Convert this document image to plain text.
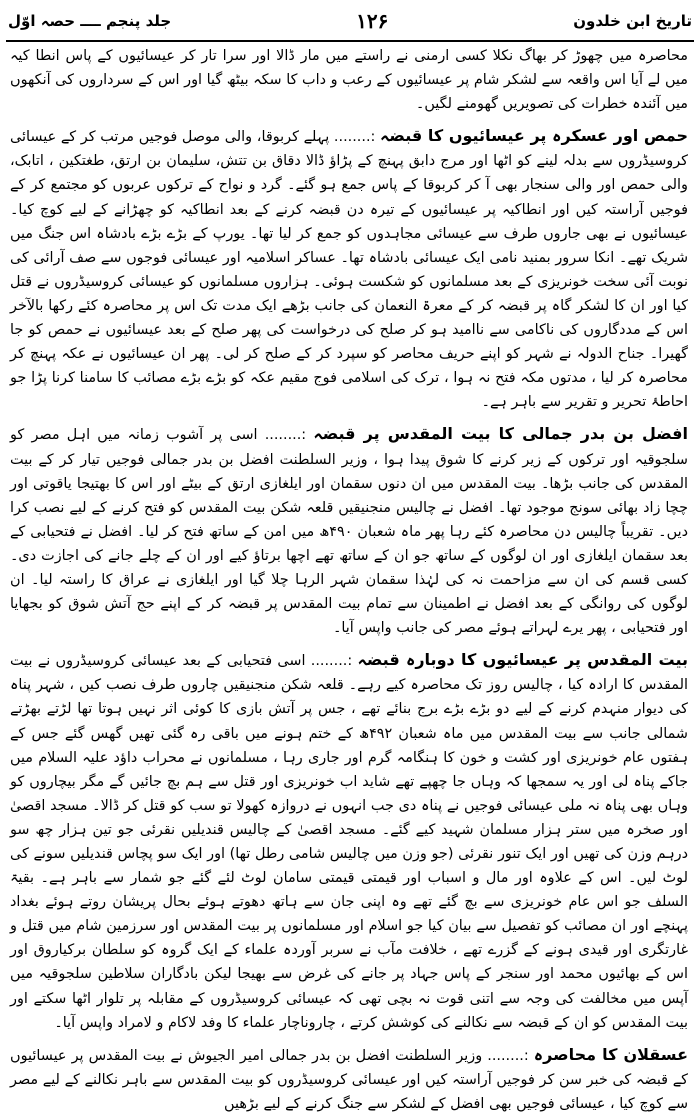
تاریخ ابن خلدون
۱۲۶
جلد پنجم ــــ حصہ اوّل

محاصرہ میں چھوڑ کر بھاگ نکلا کسی ارمنی نے راستے میں مار ڈالا اور سرا تار کر عیسائیوں کے پاس انطا کیہ میں لے آیا اس واقعہ سے لشکر شام پر عیسائیوں کے رعب و داب کا سکہ بیٹھ گیا اور اس کے سرداروں کی آنکھوں میں آئندہ خطرات کی تصویریں گھومنے لگیں۔

حمص اور عسکرہ پر عیسائیوں کا قبضہ :........ پہلے کربوقا، والی موصل فوجیں مرتب کر کے عیسائی کروسیڈروں سے بدلہ لینے کو اٹھا اور مرج دابق پہنچ کے پڑاؤ ڈالا دقاق بن تتش، سلیمان بن ارتق، طغتکین ، اتابک، والی حمص اور والی سنجار بھی آ کر کربوقا کے پاس جمع ہو گئے۔ گرد و نواح کے ترکوں عربوں کو مجتمع کر کے فوجیں آراستہ کیں اور انطاکیہ پر عیسائیوں کے تیرہ دن قبضہ کرنے کے بعد انطاکیہ کو چھڑانے کے لیے کوچ کیا۔ عیسائیوں نے بھی جاروں طرف سے عیسائی مجاہدوں کو جمع کر لیا تھا۔ یورپ کے بڑے بڑے بادشاہ اس جنگ میں شریک تھے۔ انکا سرور بمنید نامی ایک عیسائی بادشاہ تھا۔ عساکر اسلامیہ اور عیسائی فوجوں سے صف آرائی کی نوبت آئی سخت خونریزی کے بعد مسلمانوں کو شکست ہوئی۔ ہزاروں مسلمانوں کو عیسائی کروسیڈروں نے قتل کیا اور ان کا لشکر گاہ پر قبضہ کر کے معرۃ النعمان کی جانب بڑھے ایک مدت تک اس پر محاصرہ کئے رکھا بالآخر اس کے مددگاروں کی ناکامی سے ناامید ہو کر صلح کی درخواست کی پھر صلح کے بعد عیسائیوں نے حمص کو جا گھیرا۔ جناح الدولہ نے شہر کو اپنے حریف محاصر کو سپرد کر کے صلح کر لی۔ پھر ان عیسائیوں نے عکہ پہنچ کر محاصرہ کر لیا ، مدتوں مکہ فتح نہ ہوا ، ترک کی اسلامی فوج مقیم عکہ کو بڑے بڑے مصائب کا سامنا کرنا پڑا جو احاطۂ تحریر و تقریر سے باہر ہے۔

افضل بن بدر جمالی کا بیت المقدس پر قبضہ :........ اسی پر آشوب زمانہ میں اہل مصر کو سلجوقیہ اور ترکوں کے زیر کرنے کا شوق پیدا ہوا ، وزیر السلطنت افضل بن بدر جمالی فوجیں تیار کر کے بیت المقدس کی جانب بڑھا۔ بیت المقدس میں ان دنوں سقمان اور ایلغازی ارتق کے بیٹے اور اس کا بھتیجا یاقوتی اور چچا زاد بھائی سونج موجود تھا۔ افضل نے چالیس منجنیقیں قلعہ شکن بیت المقدس کو فتح کرنے کے لیے نصب کرا دیں۔ تقریباً چالیس دن محاصرہ کئے رہا پھر ماہ شعبان ۴۹۰ھ میں امن کے ساتھ فتح کر لیا۔ افضل نے فتحیابی کے بعد سقمان ایلغازی اور ان لوگوں کے ساتھ جو ان کے ساتھ تھے اچھا برتاؤ کیے اور ان کے چلے جانے کی اجازت دی۔ کسی قسم کی ان سے مزاحمت نہ کی لہٰذا سقمان شہر الرہا چلا گیا اور ایلغازی نے عراق کا راستہ لیا۔ ان لوگوں کی روانگی کے بعد افضل نے اطمینان سے تمام بیت المقدس پر قبضہ کر کے اپنے حج آتش شوق کو بجھایا اور فتحیابی ، پھر یرے لہراتے ہوئے مصر کی جانب واپس آیا۔

بیت المقدس پر عیسائیوں کا دوبارہ قبضہ :........ اسی فتحیابی کے بعد عیسائی کروسیڈروں نے بیت المقدس کا ارادہ کیا ، چالیس روز تک محاصرہ کیے رہے۔ قلعہ شکن منجنیقیں چاروں طرف نصب کیں ، شہر پناہ کی دیوار منہدم کرنے کے لیے دو بڑے بڑے برج بنائے تھے ، جس پر آتش بازی کا کوئی اثر نہیں ہوتا تھا لڑتے بھڑتے شمالی جانب سے بیت المقدس میں ماہ شعبان ۴۹۲ھ کے ختم ہونے میں باقی رہ گئی تھیں گھس گئے جس کے ہفتوں عام خونریزی اور کشت و خون کا ہنگامہ گرم اور جاری رہا ، مسلمانوں نے محراب داؤد علیہ السلام میں جاکے پناہ لی اور یہ سمجھا کہ وہاں جا چھپے تھے شاید اب خونریزی اور قتل سے ہم بچ جائیں گے مگر بیچاروں کو وہاں بھی پناہ نہ ملی عیسائی فوجیں نے پناہ دی جب انہوں نے دروازہ کھولا تو سب کو قتل کر ڈالا۔ مسجد اقصیٰ اور صخرہ میں ستر ہزار مسلمان شہید کیے گئے۔ مسجد اقصیٰ کے چالیس قندیلیں نقرئی جو تین ہزار چھ سو درہم وزن کی تھیں اور ایک تنور نقرئی (جو وزن میں چالیس شامی رطل تھا) اور ایک سو پچاس قندیلیں سونے کی لوٹ لیں۔ اس کے علاوہ اور مال و اسباب اور قیمتی قیمتی سامان لوٹ لئے گئے جو شمار سے باہر ہے۔ بقیۃ السلف جو اس عام خونریزی سے بچ گئے تھے وہ اپنی جان سے ہاتھ دھوتے ہوئے بحال پریشان روتے ہوئے بغداد پہنچے اور ان مصائب کو تفصیل سے بیان کیا جو اسلام اور مسلمانوں پر بیت المقدس اور سرزمین شام میں قتل و غارتگری اور قیدی ہونے کے گزرے تھے ، خلافت مآب نے سربر آوردہ علماء کے ایک گروہ کو سلطان برکیاروق اور اس کے بھائیوں محمد اور سنجر کے پاس جہاد پر جانے کی غرض سے بھیجا لیکن بادگاران سلاطین سلجوقیہ میں آپس میں مخالفت کی وجہ سے اتنی قوت نہ بچی تھی کہ عیسائی کروسیڈروں کے مقابلہ پر تلوار اٹھا سکتے اور بیت المقدس کو ان کے قبضہ سے نکالنے کی کوشش کرتے ، چاروناچار علماء کا وفد لاکام و لامراد واپس آیا۔

عسقلان کا محاصرہ :........ وزیر السلطنت افضل بن بدر جمالی امیر الجیوش نے بیت المقدس پر عیسائیوں کے قبضہ کی خبر سن کر فوجیں آراستہ کیں اور عیسائی کروسیڈروں کو بیت المقدس سے باہر نکالنے کے لیے مصر سے کوچ کیا ، عیسائی فوجیں بھی افضل کے لشکر سے جنگ کرنے کے لیے بڑھیں
